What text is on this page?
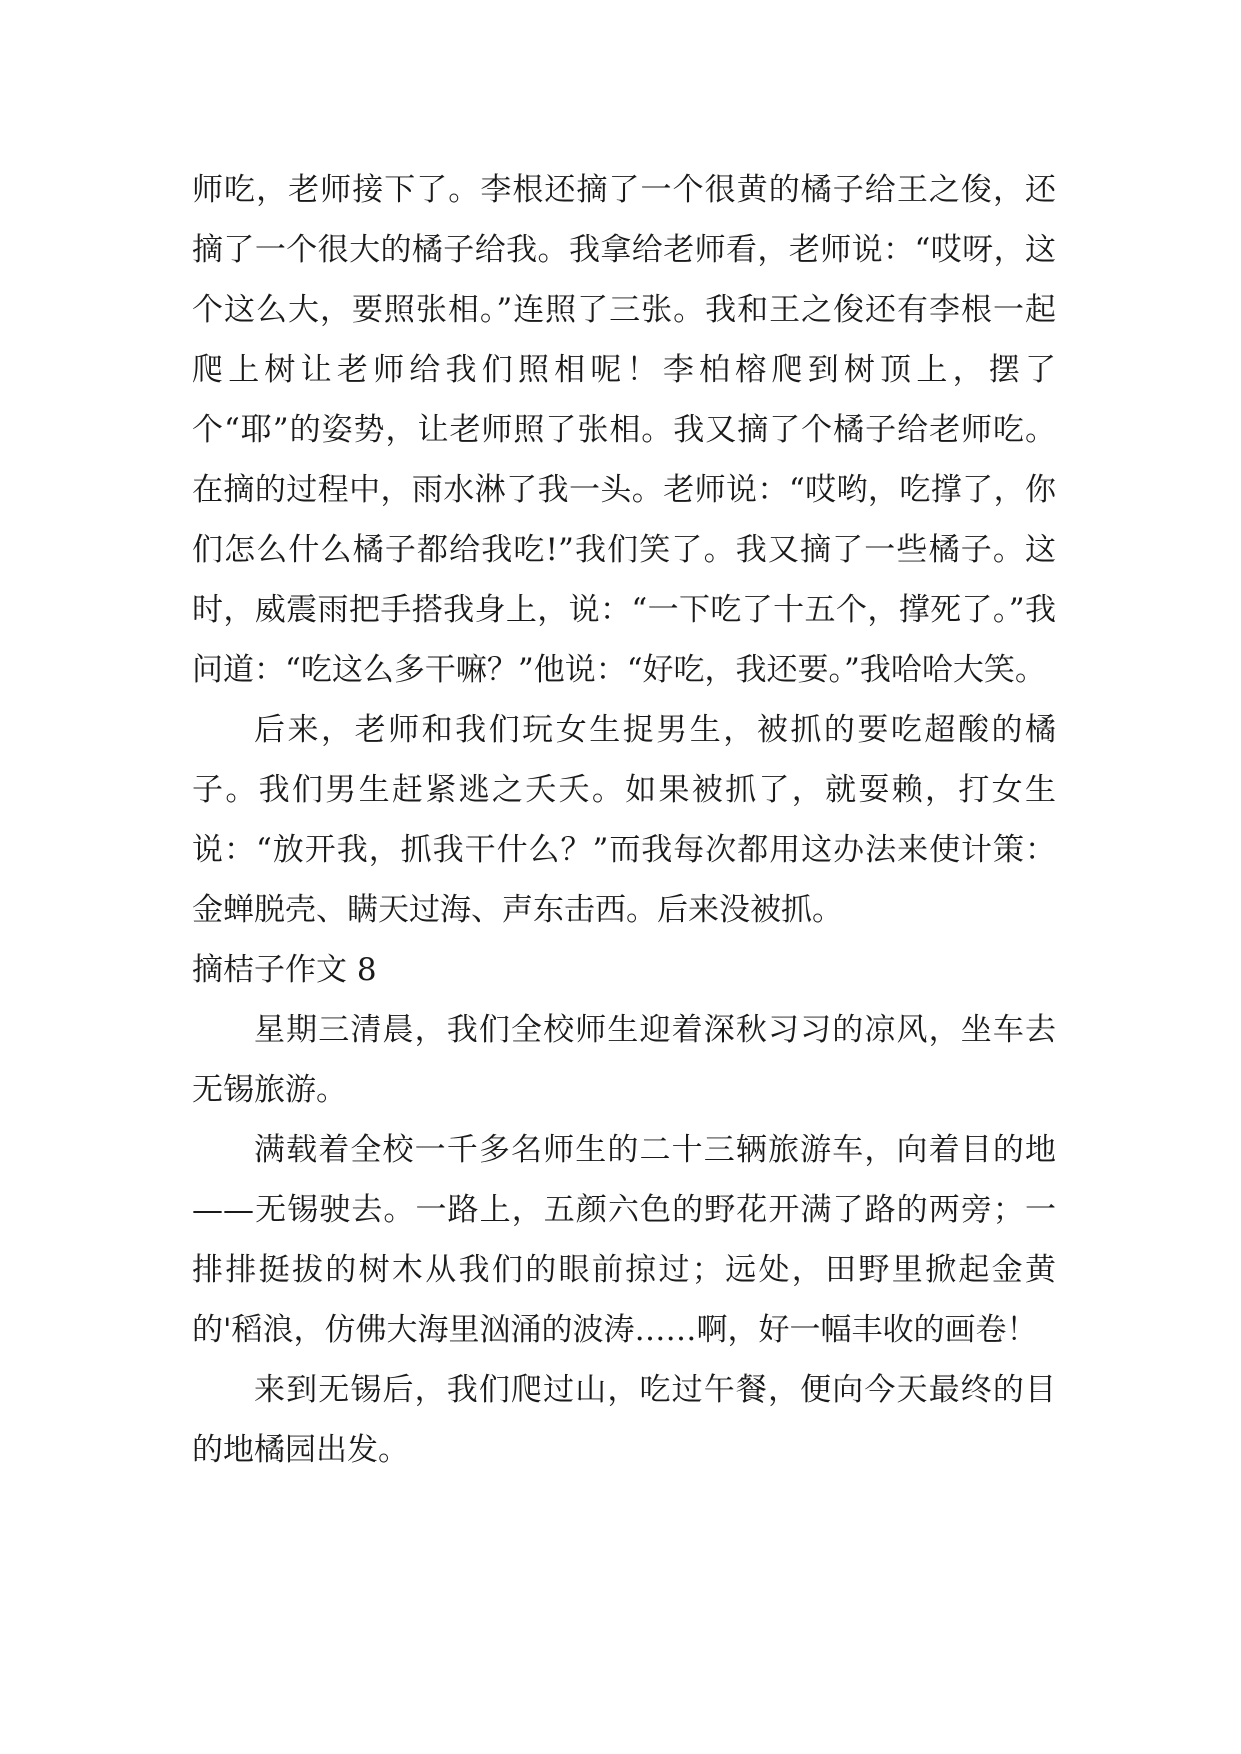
师吃，老师接下了。李根还摘了一个很黄的橘子给王之俊，还摘了一个很大的橘子给我。我拿给老师看，老师说：“哎呀，这个这么大，要照张相。”连照了三张。我和王之俊还有李根一起爬上树让老师给我们照相呢！李柏榕爬到树顶上，摆了个“耶”的姿势，让老师照了张相。我又摘了个橘子给老师吃。在摘的过程中，雨水淋了我一头。老师说：“哎哟，吃撑了，你们怎么什么橘子都给我吃!”我们笑了。我又摘了一些橘子。这时，威震雨把手搭我身上，说：“一下吃了十五个，撑死了。”我问道：“吃这么多干嘛？”他说：“好吃，我还要。”我哈哈大笑。

后来，老师和我们玩女生捉男生，被抓的要吃超酸的橘子。我们男生赶紧逃之夭夭。如果被抓了，就耍赖，打女生说：“放开我，抓我干什么？”而我每次都用这办法来使计策：金蝉脱壳、瞒天过海、声东击西。后来没被抓。

摘桔子作文 8

星期三清晨，我们全校师生迎着深秋习习的凉风，坐车去无锡旅游。

满载着全校一千多名师生的二十三辆旅游车，向着目的地——无锡驶去。一路上，五颜六色的野花开满了路的两旁；一排排挺拔的树木从我们的眼前掠过；远处，田野里掀起金黄的'稻浪，仿佛大海里汹涌的波涛……啊，好一幅丰收的画卷！

来到无锡后，我们爬过山，吃过午餐，便向今天最终的目的地橘园出发。
